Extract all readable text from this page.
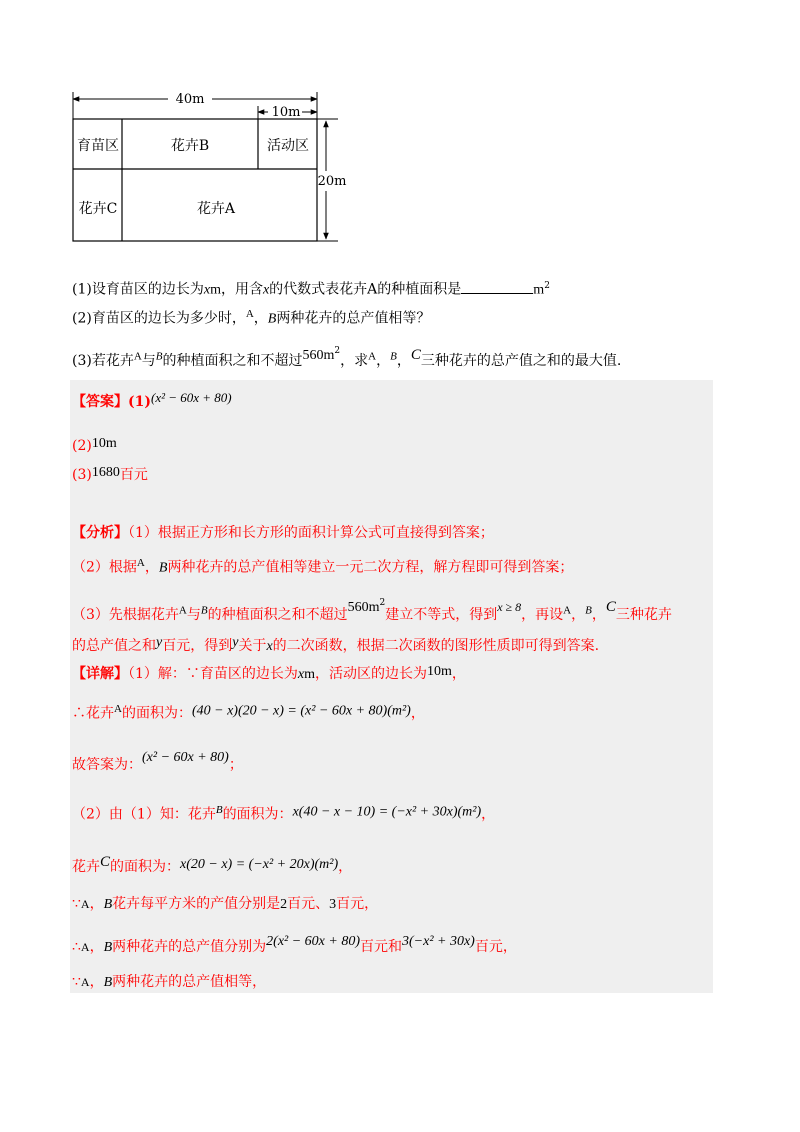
40m
10m
育苗区	花卉B	活动区
花卉C	花卉A
20m
(1)设育苗区的边长为xm，用含x的代数式表花卉A的种植面积是	$m^2$
(2)育苗区的边长为多少时，$^A$，B两种花卉的总产值相等？
(3)若花卉$^A$与$^B$的种植面积之和不超过$560m^2$，求$^A$，$^B$，C三种花卉的总产值之和的最大值.
【答案】(1)(x² − 60x + 80)
(2)10m
(3)1680百元
【分析】（1）根据正方形和长方形的面积计算公式可直接得到答案；
（2）根据$^A$，B两种花卉的总产值相等建立一元二次方程，解方程即可得到答案；
（3）先根据花卉$^A$与$^B$的种植面积之和不超过$560m^2$建立不等式，得到x ≥ 8，再设$^A$，$^B$，C三种花卉
的总产值之和y百元，得到y关于x的二次函数，根据二次函数的图形性质即可得到答案.
【详解】（1）解：∵育苗区的边长为xm，活动区的边长为10m，
∴花卉$^A$的面积为：(40 − x)(20 − x) = (x² − 60x + 80)(m²)，
故答案为：(x² − 60x + 80)；
（2）由（1）知：花卉$^B$的面积为：x(40 − x − 10) = (−x² + 30x)(m²)，
花卉C的面积为：x(20 − x) = (−x² + 20x)(m²)，
∵A，B花卉每平方米的产值分别是2百元、3百元，
∴A，B两种花卉的总产值分别为2(x² − 60x + 80)百元和3(−x² + 30x)百元，
∵A，B两种花卉的总产值相等，
